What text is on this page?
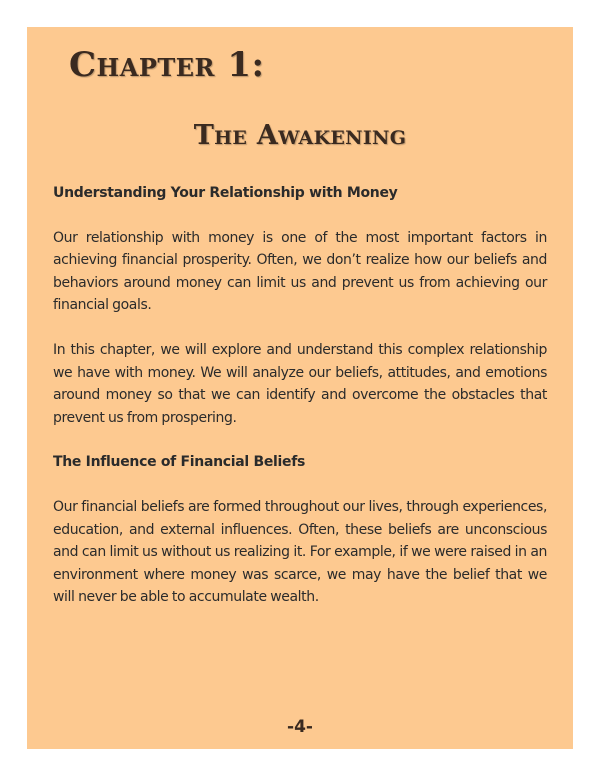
Chapter 1:
The Awakening

Understanding Your Relationship with Money

Our relationship with money is one of the most important factors in achieving financial prosperity. Often, we don’t realize how our beliefs and behaviors around money can limit us and prevent us from achieving our financial goals.

In this chapter, we will explore and understand this complex relationship we have with money. We will analyze our beliefs, attitudes, and emotions around money so that we can identify and overcome the obstacles that prevent us from prospering.

The Influence of Financial Beliefs

Our financial beliefs are formed throughout our lives, through experiences, education, and external influences. Often, these beliefs are unconscious and can limit us without us realizing it. For example, if we were raised in an environment where money was scarce, we may have the belief that we will never be able to accumulate wealth.

-4-
